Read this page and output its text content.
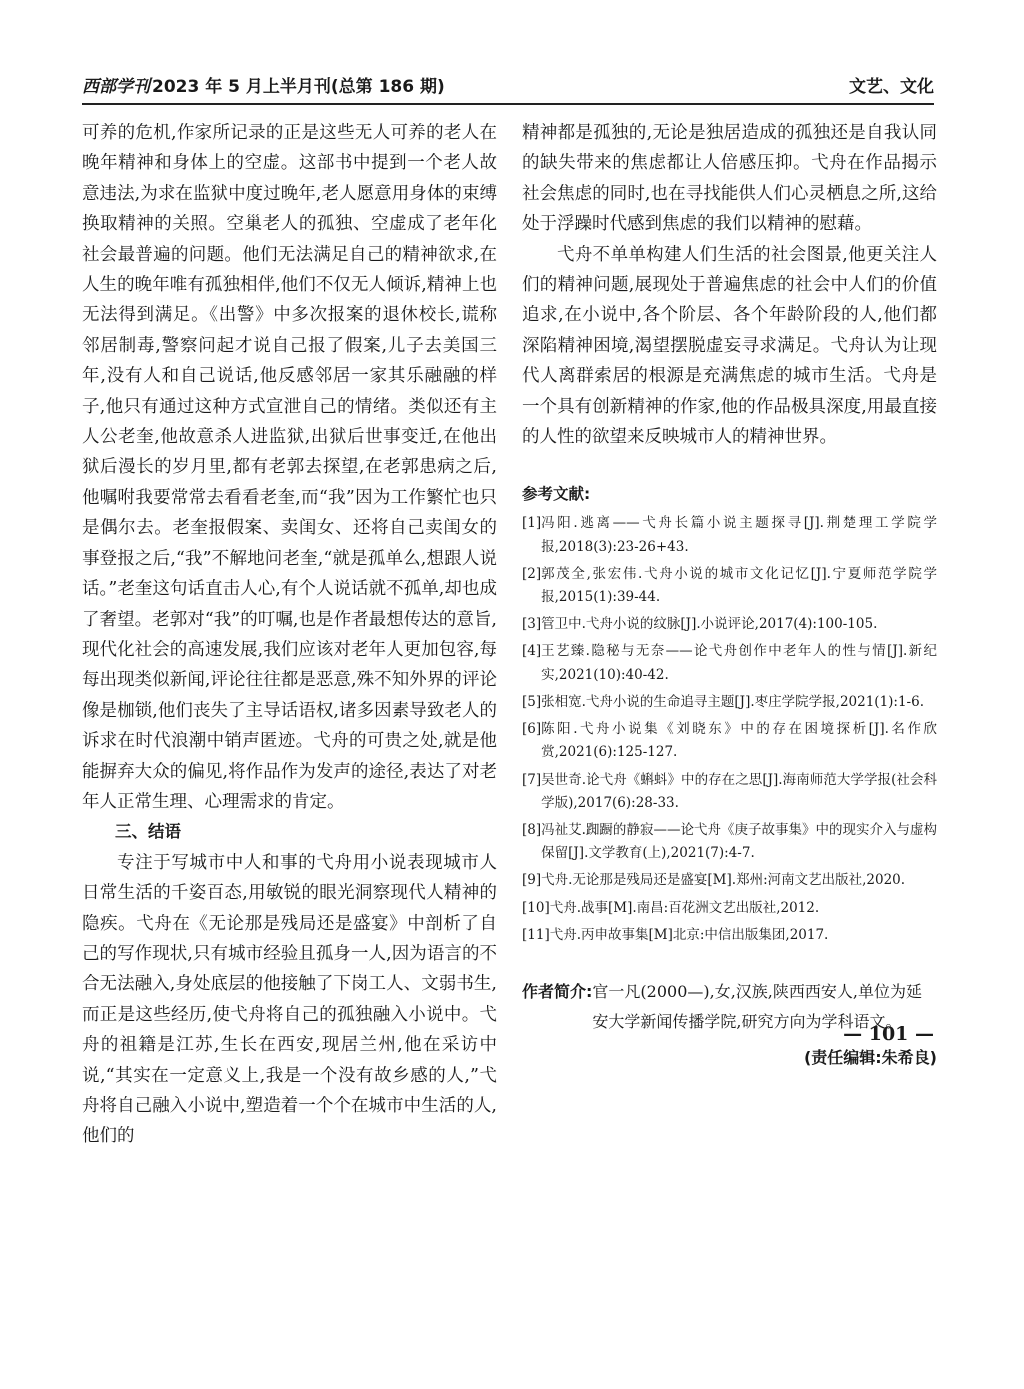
西部学刊 2023 年 5 月上半月刊(总第 186 期)	文艺、文化

可养的危机,作家所记录的正是这些无人可养的老人在晚年精神和身体上的空虚。这部书中提到一个老人故意违法,为求在监狱中度过晚年,老人愿意用身体的束缚换取精神的关照。空巢老人的孤独、空虚成了老年化社会最普遍的问题。他们无法满足自己的精神欲求,在人生的晚年唯有孤独相伴,他们不仅无人倾诉,精神上也无法得到满足。《出警》中多次报案的退休校长,谎称邻居制毒,警察问起才说自己报了假案,儿子去美国三年,没有人和自己说话,他反感邻居一家其乐融融的样子,他只有通过这种方式宣泄自己的情绪。类似还有主人公老奎,他故意杀人进监狱,出狱后世事变迁,在他出狱后漫长的岁月里,都有老郭去探望,在老郭患病之后,他嘱咐我要常常去看看老奎,而“我”因为工作繁忙也只是偶尔去。老奎报假案、卖闺女、还将自己卖闺女的事登报之后,“我”不解地问老奎,“就是孤单么,想跟人说话。”老奎这句话直击人心,有个人说话就不孤单,却也成了奢望。老郭对“我”的叮嘱,也是作者最想传达的意旨,现代化社会的高速发展,我们应该对老年人更加包容,每每出现类似新闻,评论往往都是恶意,殊不知外界的评论像是枷锁,他们丧失了主导话语权,诸多因素导致老人的诉求在时代浪潮中销声匿迹。弋舟的可贵之处,就是他能摒弃大众的偏见,将作品作为发声的途径,表达了对老年人正常生理、心理需求的肯定。

三、结语

专注于写城市中人和事的弋舟用小说表现城市人日常生活的千姿百态,用敏锐的眼光洞察现代人精神的隐疾。弋舟在《无论那是残局还是盛宴》中剖析了自己的写作现状,只有城市经验且孤身一人,因为语言的不合无法融入,身处底层的他接触了下岗工人、文弱书生,而正是这些经历,使弋舟将自己的孤独融入小说中。弋舟的祖籍是江苏,生长在西安,现居兰州,他在采访中说,“其实在一定意义上,我是一个没有故乡感的人,”弋舟将自己融入小说中,塑造着一个个在城市中生活的人,他们的

精神都是孤独的,无论是独居造成的孤独还是自我认同的缺失带来的焦虑都让人倍感压抑。弋舟在作品揭示社会焦虑的同时,也在寻找能供人们心灵栖息之所,这给处于浮躁时代感到焦虑的我们以精神的慰藉。

弋舟不单单构建人们生活的社会图景,他更关注人们的精神问题,展现处于普遍焦虑的社会中人们的价值追求,在小说中,各个阶层、各个年龄阶段的人,他们都深陷精神困境,渴望摆脱虚妄寻求满足。弋舟认为让现代人离群索居的根源是充满焦虑的城市生活。弋舟是一个具有创新精神的作家,他的作品极具深度,用最直接的人性的欲望来反映城市人的精神世界。

参考文献:

[1] 冯阳.逃离——弋舟长篇小说主题探寻[J].荆楚理工学院学报,2018(3):23-26+43.
[2] 郭茂全,张宏伟.弋舟小说的城市文化记忆[J].宁夏师范学院学报,2015(1):39-44.
[3] 管卫中.弋舟小说的纹脉[J].小说评论,2017(4):100-105.
[4] 王艺臻.隐秘与无奈——论弋舟创作中老年人的性与情[J].新纪实,2021(10):40-42.
[5] 张相宽.弋舟小说的生命追寻主题[J].枣庄学院学报,2021(1):1-6.
[6] 陈阳.弋舟小说集《刘晓东》中的存在困境探析[J].名作欣赏,2021(6):125-127.
[7] 吴世奇.论弋舟《蝌蚪》中的存在之思[J].海南师范大学学报(社会科学版),2017(6):28-33.
[8] 冯祉艾.踟蹰的静寂——论弋舟《庚子故事集》中的现实介入与虚构保留[J].文学教育(上),2021(7):4-7.
[9] 弋舟.无论那是残局还是盛宴[M].郑州:河南文艺出版社,2020.
[10] 弋舟.战事[M].南昌:百花洲文艺出版社,2012.
[11] 弋舟.丙申故事集[M]北京:中信出版集团,2017.
作者简介: 官一凡(2000—),女,汉族,陕西西安人,单位为延安大学新闻传播学院,研究方向为学科语文。
(责任编辑:朱希良)
— 101 —
